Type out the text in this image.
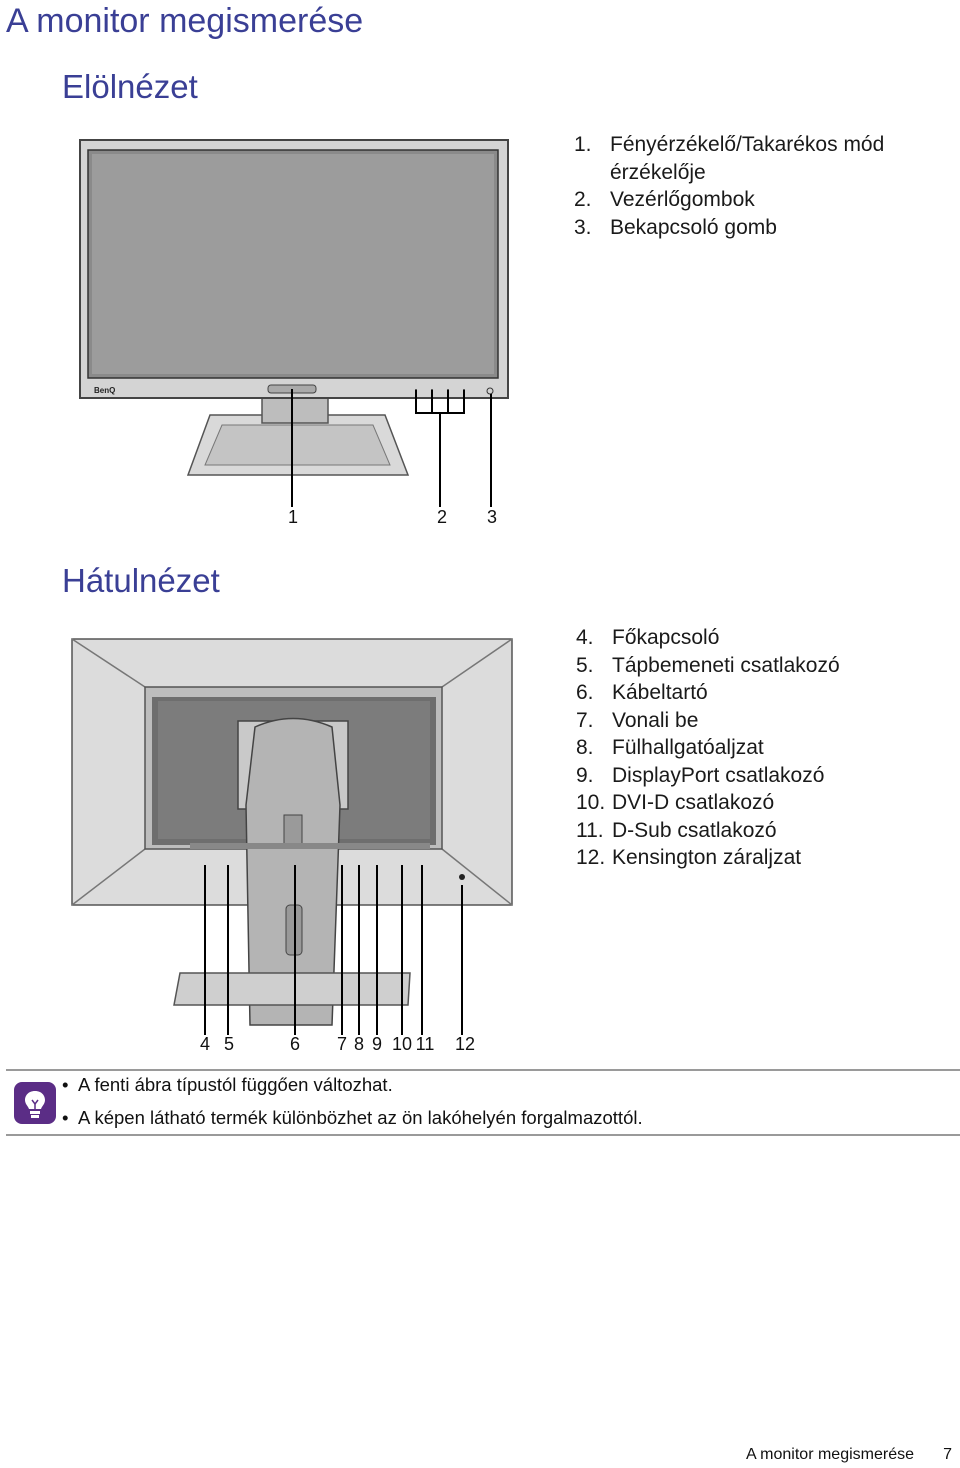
A monitor megismerése
Elölnézet
BenQ
1	2 3
1. Fényérzékelő/Takarékos mód érzékelője
2. Vezérlőgombok
3. Bekapcsoló gomb
Hátulnézet
4 5	6 7 8 9 10 11 12
4. Főkapcsoló
5. Tápbemeneti csatlakozó
6. Kábeltartó
7. Vonali be
8. Fülhallgatóaljzat
9. DisplayPort csatlakozó
10. DVI-D csatlakozó
11. D-Sub csatlakozó
12. Kensington záraljzat
• A fenti ábra típustól függően változhat.
• A képen látható termék különbözhet az ön lakóhelyén forgalmazottól.
A monitor megismerése 7
